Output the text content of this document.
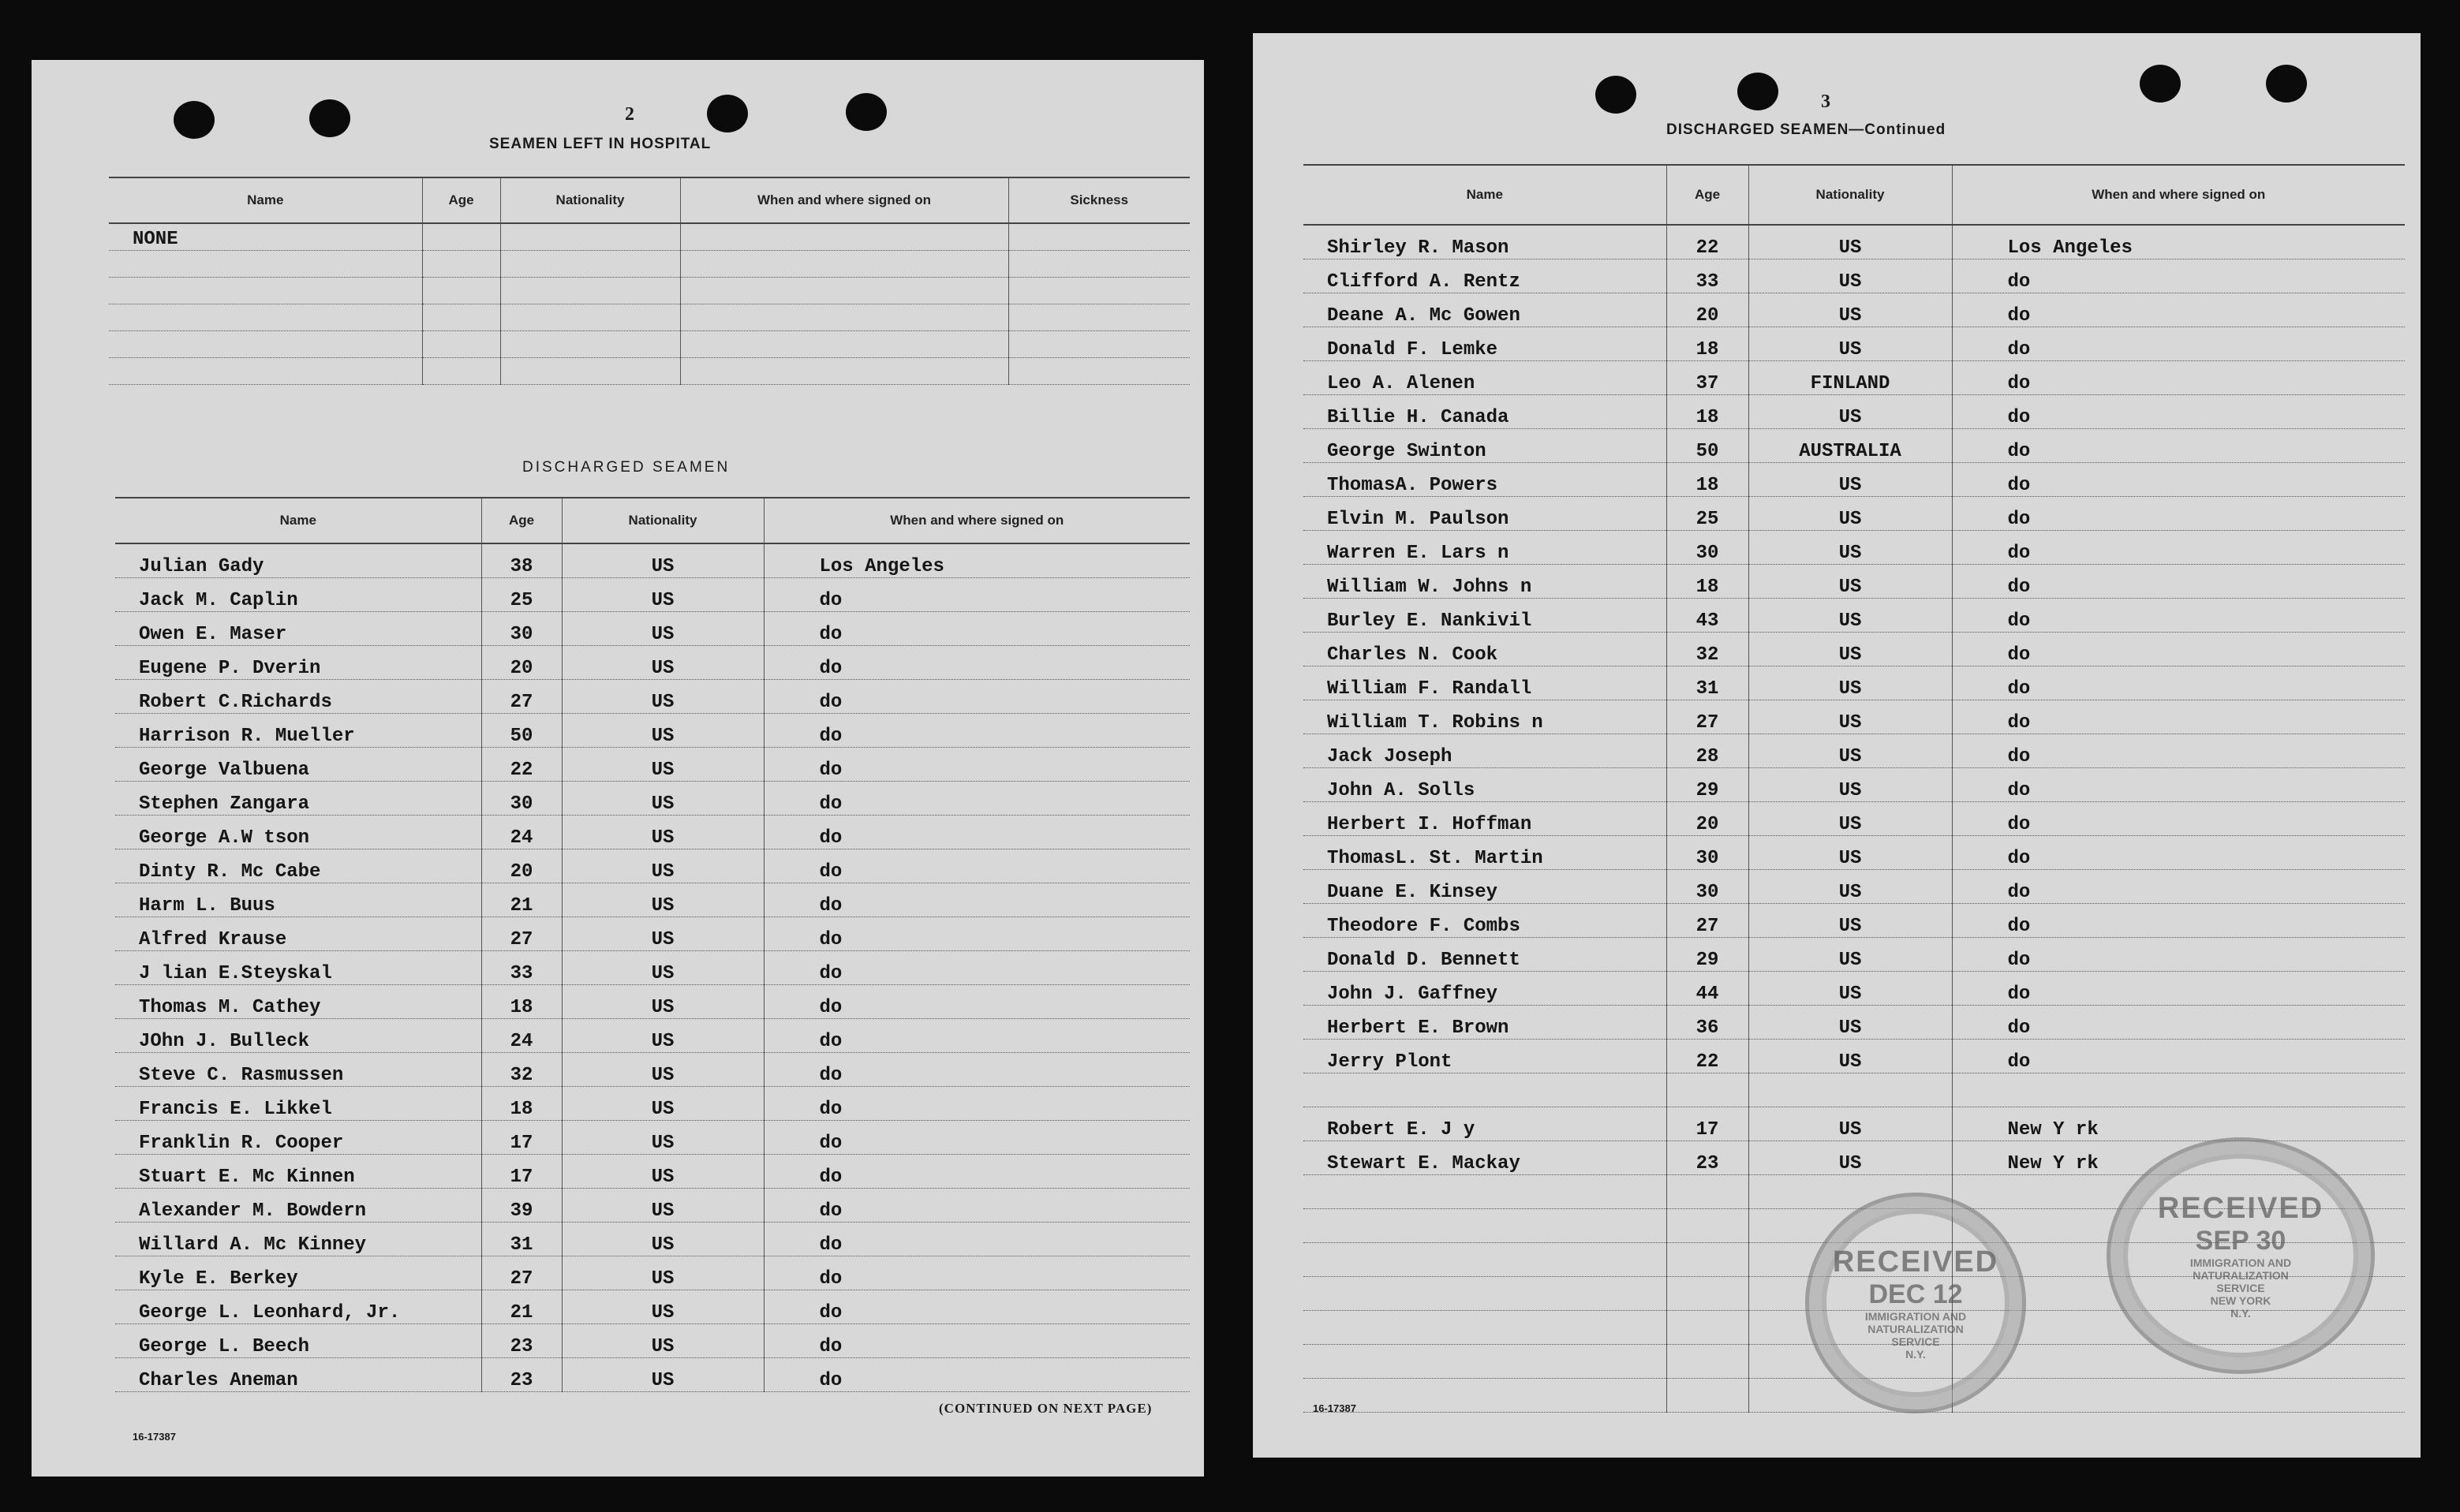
2
SEAMEN LEFT IN HOSPITAL
Name	Age	Nationality	When and where signed on	Sickness
NONE				

DISCHARGED SEAMEN
Name	Age	Nationality	When and where signed on
Julian Gady	38	US	Los Angeles
Jack M. Caplin	25	US	do
Owen E. Maser	30	US	do
Eugene P. Dverin	20	US	do
Robert C.Richards	27	US	do
Harrison R. Mueller	50	US	do
George Valbuena	22	US	do
Stephen Zangara	30	US	do
George A.W tson	24	US	do
Dinty R. Mc Cabe	20	US	do
Harm L. Buus	21	US	do
Alfred Krause	27	US	do
J lian E.Steyskal	33	US	do
Thomas M. Cathey	18	US	do
JOhn J. Bulleck	24	US	do
Steve C. Rasmussen	32	US	do
Francis E. Likkel	18	US	do
Franklin R. Cooper	17	US	do
Stuart E. Mc Kinnen	17	US	do
Alexander M. Bowdern	39	US	do
Willard A. Mc Kinney	31	US	do
Kyle E. Berkey	27	US	do
George L. Leonhard, Jr.	21	US	do
George L. Beech	23	US	do
Charles Aneman	23	US	do
(CONTINUED ON NEXT PAGE)
16-17387
3
DISCHARGED SEAMEN—Continued
Name	Age	Nationality	When and where signed on
Shirley R. Mason	22	US	Los Angeles
Clifford A. Rentz	33	US	do
Deane A. Mc Gowen	20	US	do
Donald F. Lemke	18	US	do
Leo A. Alenen	37	FINLAND	do
Billie H. Canada	18	US	do
George Swinton	50	AUSTRALIA	do
ThomasA. Powers	18	US	do
Elvin M. Paulson	25	US	do
Warren E. Lars n	30	US	do
William W. Johns n	18	US	do
Burley E. Nankivil	43	US	do
Charles N. Cook	32	US	do
William F. Randall	31	US	do
William T. Robins n	27	US	do
Jack Joseph	28	US	do
John A. Solls	29	US	do
Herbert I. Hoffman	20	US	do
ThomasL. St. Martin	30	US	do
Duane E. Kinsey	30	US	do
Theodore F. Combs	27	US	do
Donald D. Bennett	29	US	do
John J. Gaffney	44	US	do
Herbert E. Brown	36	US	do
Jerry Plont	22	US	do

Robert E. J y	17	US	New Y rk
Stewart E. Mackay	23	US	New Y rk

16-17387
RECEIVED
DEC 12
IMMIGRATION AND
NATURALIZATION
SERVICE
N.Y.
RECEIVED
SEP 30
IMMIGRATION AND
NATURALIZATION
SERVICE
NEW YORK
N.Y.
